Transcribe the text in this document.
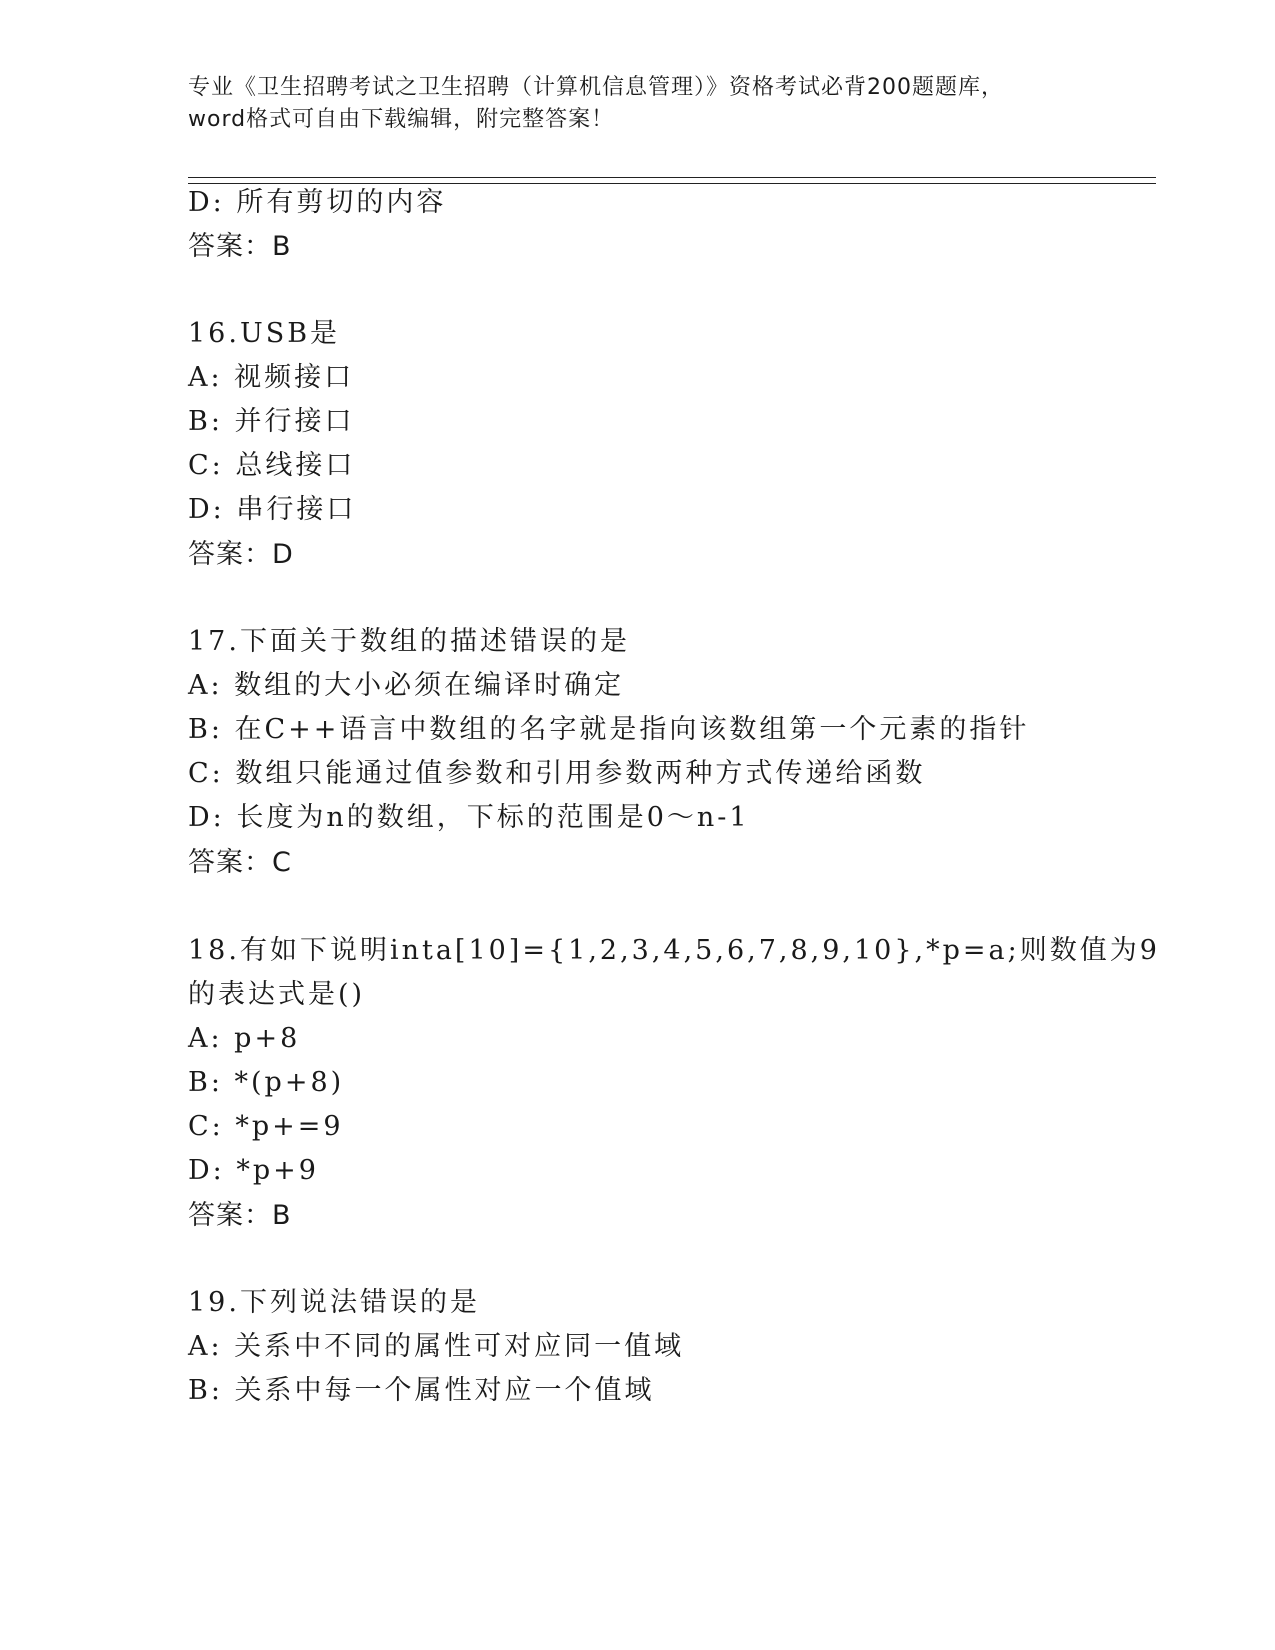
专业《卫生招聘考试之卫生招聘（计算机信息管理）》资格考试必背200题题库，
word格式可自由下载编辑，附完整答案！
D: 所有剪切的内容
答案：B
16.USB是
A: 视频接口
B: 并行接口
C: 总线接口
D: 串行接口
答案：D
17.下面关于数组的描述错误的是
A: 数组的大小必须在编译时确定
B: 在C++语言中数组的名字就是指向该数组第一个元素的指针
C: 数组只能通过值参数和引用参数两种方式传递给函数
D: 长度为n的数组，下标的范围是0～n-1
答案：C
18.有如下说明inta[10]={1,2,3,4,5,6,7,8,9,10},*p=a;则数值为9
的表达式是()
A: p+8
B: *(p+8)
C: *p+=9
D: *p+9
答案：B
19.下列说法错误的是
A: 关系中不同的属性可对应同一值域
B: 关系中每一个属性对应一个值域
